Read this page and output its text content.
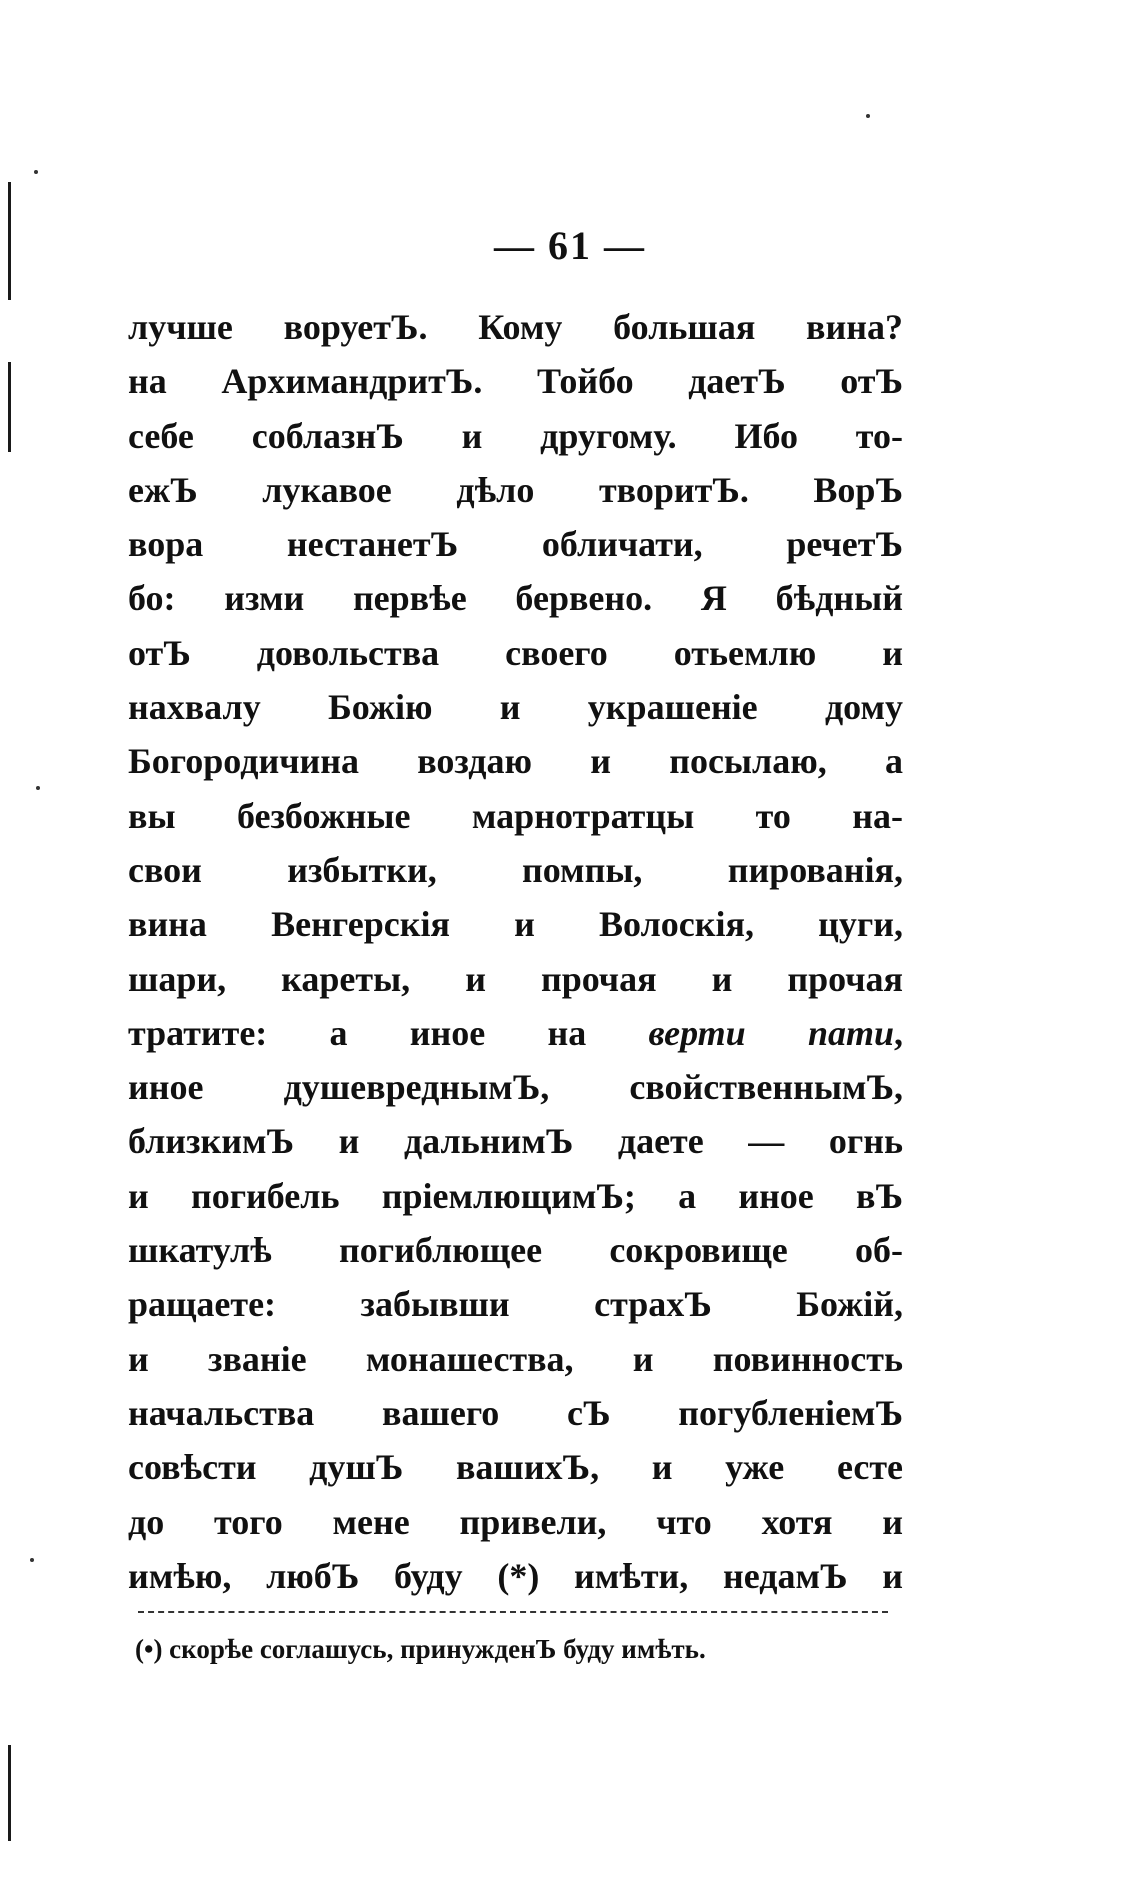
— 61 —
лучше воруетЪ. Кому большая вина?
на АрхимандритЪ. Тойбо даетЪ отЪ
себе соблазнЪ и другому. Ибо то-
ежЪ лукавое дѣло творитЪ. ВорЪ
вора нестанетЪ обличати, речетЪ
бо: изми первѣе бервено. Я бѣдный
отЪ довольства своего отьемлю и
нахвалу Божію и украшеніе дому
Богородичина воздаю и посылаю, а
вы безбожные марнотратцы то на-
свои избытки, помпы, пированія,
вина Венгерскія и Волоскія, цуги,
шари, кареты, и прочая и прочая
тратите: а иное на верти пати,
иное душевреднымЪ, свойственнымЪ,
близкимЪ и дальнимЪ даете — огнь
и погибель пріемлющимЪ; а иное вЪ
шкатулѣ погиблющее сокровище об-
ращаете: забывши страхЪ Божій,
и званіе монашества, и повинность
начальства вашего сЪ погубленіемЪ
совѣсти душЪ вашихЪ, и уже есте
до того мене привели, что хотя и
имѣю, любЪ буду (*) имѣти, недамЪ и
(•) скорѣе соглашусь, принужденЪ буду имѣть.
